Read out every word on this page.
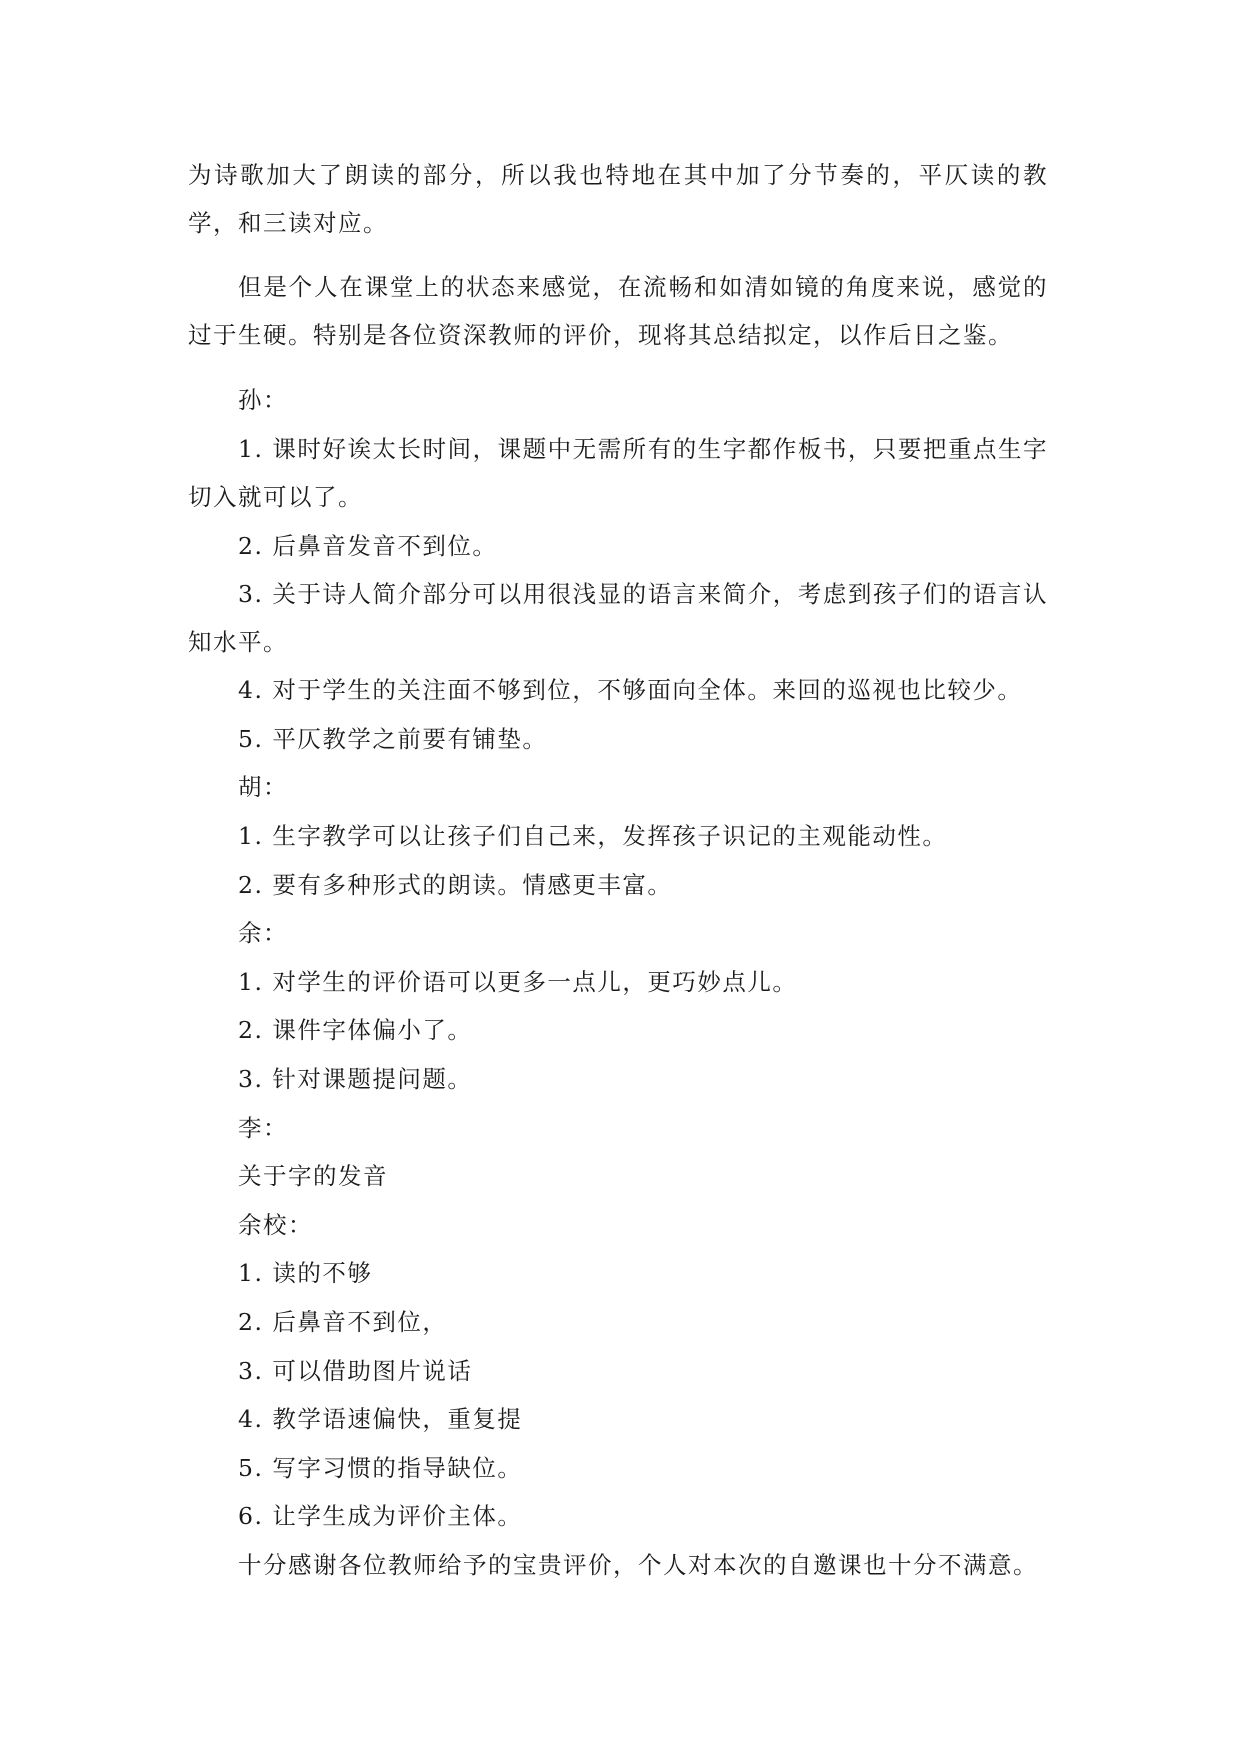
为诗歌加大了朗读的部分，所以我也特地在其中加了分节奏的，平仄读的教学，和三读对应。

但是个人在课堂上的状态来感觉，在流畅和如清如镜的角度来说，感觉的过于生硬。特别是各位资深教师的评价，现将其总结拟定，以作后日之鉴。

孙：

1. 课时好诶太长时间，课题中无需所有的生字都作板书，只要把重点生字切入就可以了。

2. 后鼻音发音不到位。

3. 关于诗人简介部分可以用很浅显的语言来简介，考虑到孩子们的语言认知水平。

4. 对于学生的关注面不够到位，不够面向全体。来回的巡视也比较少。
5. 平仄教学之前要有铺垫。
胡：
1. 生字教学可以让孩子们自己来，发挥孩子识记的主观能动性。
2. 要有多种形式的朗读。情感更丰富。
余：
1. 对学生的评价语可以更多一点儿，更巧妙点儿。
2. 课件字体偏小了。
3. 针对课题提问题。
李：
关于字的发音
余校：
1. 读的不够
2. 后鼻音不到位，
3. 可以借助图片说话
4. 教学语速偏快，重复提
5. 写字习惯的指导缺位。
6. 让学生成为评价主体。
十分感谢各位教师给予的宝贵评价，个人对本次的自邀课也十分不满意。
